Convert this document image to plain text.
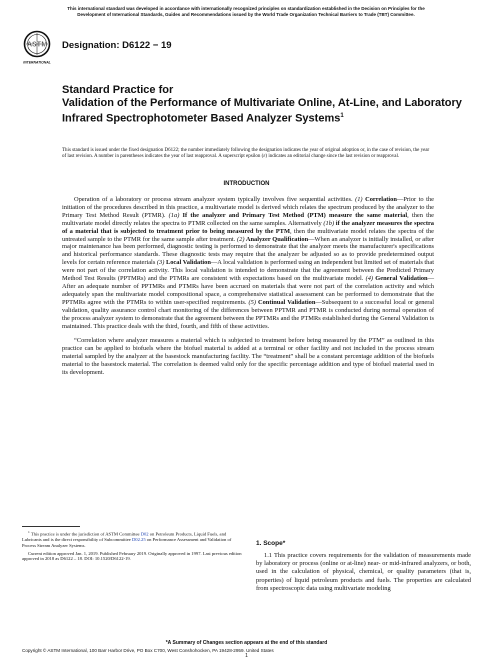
This international standard was developed in accordance with internationally recognized principles on standardization established in the Decision on Principles for the
Development of International Standards, Guides and Recommendations issued by the World Trade Organization Technical Barriers to Trade (TBT) Committee.
ASTM
INTERNATIONAL
Designation: D6122 − 19
Standard Practice for
Validation of the Performance of Multivariate Online, At-Line, and Laboratory Infrared Spectrophotometer Based Analyzer Systems$^1$
This standard is issued under the fixed designation D6122; the number immediately following the designation indicates the year of original adoption or, in the case of revision, the year of last revision. A number in parentheses indicates the year of last reapproval. A superscript epsilon (ε) indicates an editorial change since the last revision or reapproval.
INTRODUCTION

Operation of a laboratory or process stream analyzer system typically involves five sequential activities. (1) Correlation—Prior to the initiation of the procedures described in this practice, a multivariate model is derived which relates the spectrum produced by the analyzer to the Primary Test Method Result (PTMR). (1a) If the analyzer and Primary Test Method (PTM) measure the same material, then the multivariate model directly relates the spectra to PTMR collected on the same samples. Alternatively (1b) if the analyzer measures the spectra of a material that is subjected to treatment prior to being measured by the PTM, then the multivariate model relates the spectra of the untreated sample to the PTMR for the same sample after treatment. (2) Analyzer Qualification—When an analyzer is initially installed, or after major maintenance has been performed, diagnostic testing is performed to demonstrate that the analyzer meets the manufacturer's specifications and historical performance standards. These diagnostic tests may require that the analyzer be adjusted so as to provide predetermined output levels for certain reference materials (3) Local Validation—A local validation is performed using an independent but limited set of materials that were not part of the correlation activity. This local validation is intended to demonstrate that the agreement between the Predicted Primary Method Test Results (PPTMRs) and the PTMRs are consistent with expectations based on the multivariate model. (4) General Validation—After an adequate number of PPTMRs and PTMRs have been accrued on materials that were not part of the correlation activity and which adequately span the multivariate model compositional space, a comprehensive statistical assessment can be performed to demonstrate that the PPTMRs agree with the PTMRs to within user-specified requirements. (5) Continual Validation—Subsequent to a successful local or general validation, quality assurance control chart monitoring of the differences between PPTMR and PTMR is conducted during normal operation of the process analyzer system to demonstrate that the agreement between the PPTMRs and the PTMRs established during the General Validation is maintained. This practice deals with the third, fourth, and fifth of these activities.

“Correlation where analyzer measures a material which is subjected to treatment before being measured by the PTM” as outlined in this practice can be applied to biofuels where the biofuel material is added at a terminal or other facility and not included in the process stream material sampled by the analyzer at the basestock manufacturing facility. The “treatment” shall be a constant percentage addition of the biofuels material to the basestock material. The correlation is deemed valid only for the specific percentage addition and type of biofuel material used in its development.

$^1$ This practice is under the jurisdiction of ASTM Committee D02 on Petroleum Products, Liquid Fuels, and Lubricants and is the direct responsibility of Subcommittee D02.25 on Performance Assessment and Validation of Process Stream Analyzer Systems.

Current edition approved Jan. 1, 2019. Published February 2019. Originally approved in 1997. Last previous edition approved in 2018 as D6122 – 18. DOI: 10.1520/D6122-19.

1. Scope*
1.1 This practice covers requirements for the validation of measurements made by laboratory or process (online or at-line) near- or mid-infrared analyzers, or both, used in the calculation of physical, chemical, or quality parameters (that is, properties) of liquid petroleum products and fuels. The properties are calculated from spectroscopic data using multivariate modeling
*A Summary of Changes section appears at the end of this standard
Copyright © ASTM International, 100 Barr Harbor Drive, PO Box C700, West Conshohocken, PA 19428-2959. United States
1
